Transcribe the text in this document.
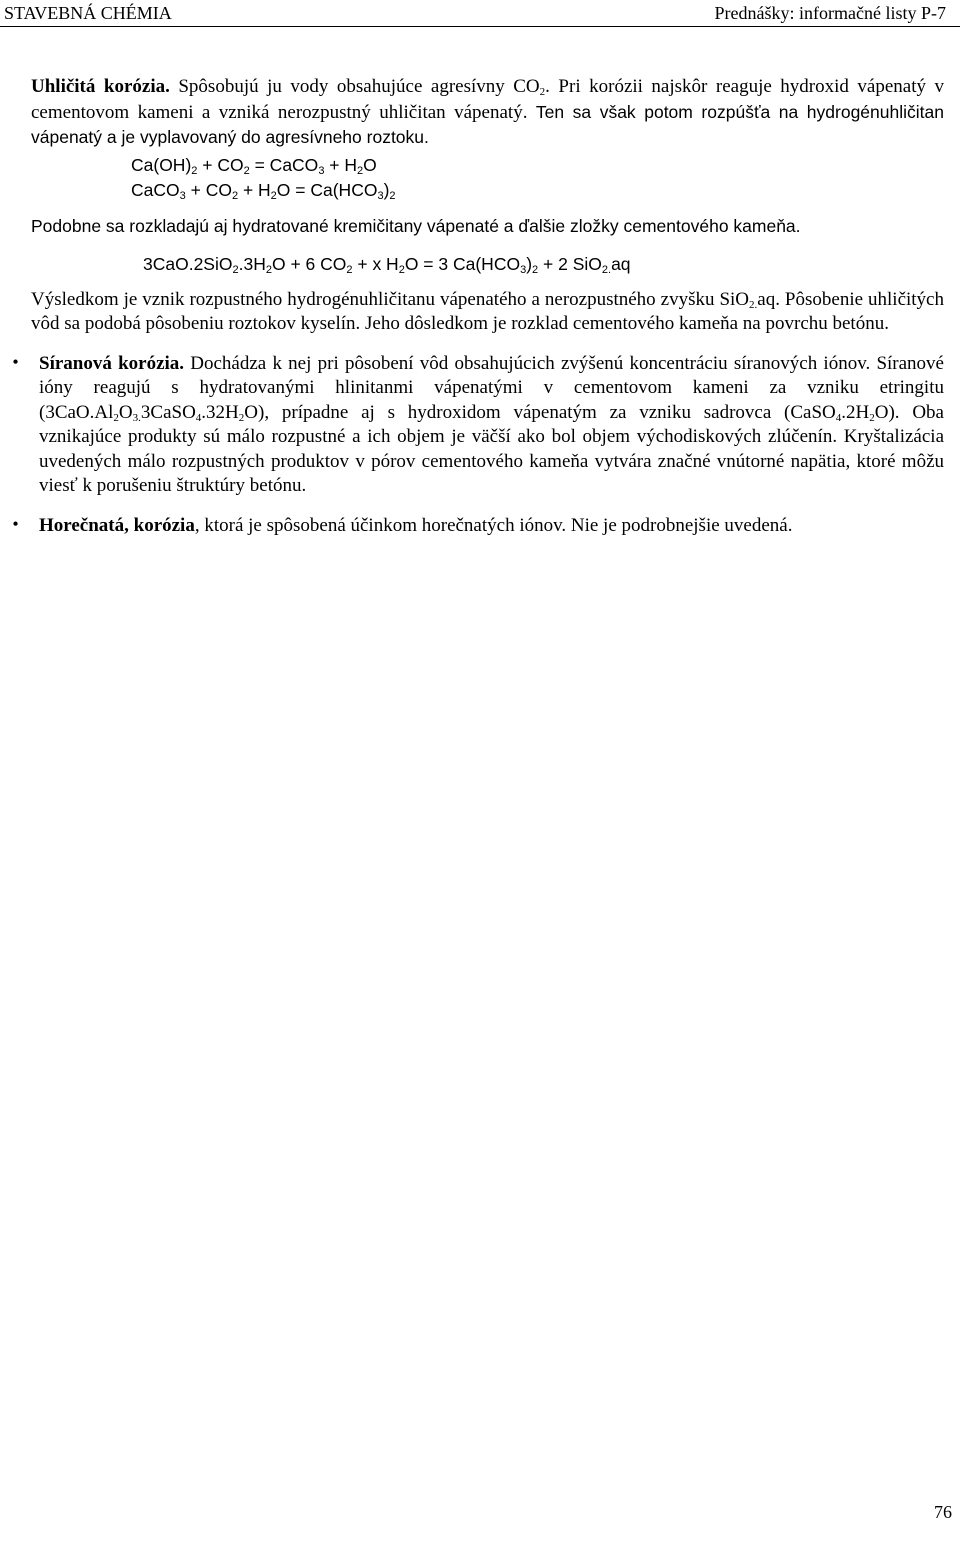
STAVEBNÁ CHÉMIA	Prednášky: informačné listy P-7

Uhličitá korózia. Spôsobujú ju vody obsahujúce agresívny $CO_2$. Pri korózii najskôr reaguje hydroxid vápenatý v cementovom kameni a vzniká nerozpustný uhličitan vápenatý. Ten sa však potom rozpúšťa na hydrogénuhličitan vápenatý a je vyplavovaný do agresívneho roztoku.

$Ca(OH)_2 + CO_2$ = CaCO$_3$ + $H_2O$
CaCO$_3$ + $CO_2 + H_2O = Ca(HCO_3)_2$

Podobne sa rozkladajú aj hydratované kremičitany vápenaté a ďalšie zložky cementového kameňa.

$3CaO.2SiO_2.3H_2O + 6$ $CO_2 + x$ $H_2O = 3$ $Ca(HCO_3)_2 + 2$ SiO$_{2.}$aq

Výsledkom je vznik rozpustného hydrogénuhličitanu vápenatého a nerozpustného zvyšku SiO$_{2.}$aq. Pôsobenie uhličitých vôd sa podobá pôsobeniu roztokov kyselín. Jeho dôsledkom je rozklad cementového kameňa na povrchu betónu.

•	Síranová korózia. Dochádza k nej pri pôsobení vôd obsahujúcich zvýšenú koncentráciu síranových iónov. Síranové ióny reagujú s hydratovanými hlinitanmi vápenatými v cementovom kameni za vzniku etringitu $(3CaO.Al_2O_{3.}3CaSO_4.32H_2O)$, prípadne aj s hydroxidom vápenatým za vzniku sadrovca $(CaSO_4.2H_2O)$. Oba vznikajúce produkty sú málo rozpustné a ich objem je väčší ako bol objem východiskových zlúčenín. Kryštalizácia uvedených málo rozpustných produktov v pórov cementového kameňa vytvára značné vnútorné napätia, ktoré môžu viesť k porušeniu štruktúry betónu.

•	Horečnatá, korózia, ktorá je spôsobená účinkom horečnatých iónov. Nie je podrobnejšie uvedená.

76
